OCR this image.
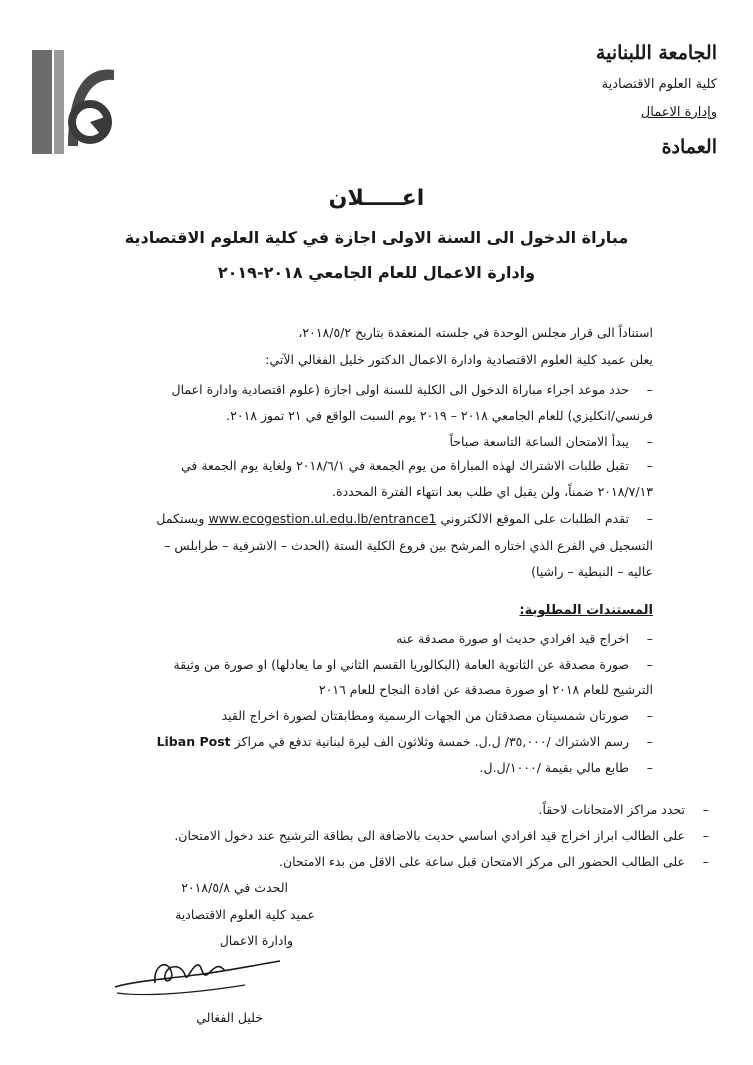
الجامعة اللبنانية
كلية العلوم الاقتصادية
وإدارة الاعمال
العمادة
اعـــــلان
مباراة الدخول الى السنة الاولى اجازة في كلية العلوم الاقتصادية
وادارة الاعمال للعام الجامعي ٢٠١٨-٢٠١٩
استناداً الى قرار مجلس الوحدة في جلسته المنعقدة بتاريخ ٢٠١٨/٥/٢،
يعلن عميد كلية العلوم الاقتصادية وادارة الاعمال الدكتور خليل الفغالي الآتي:
–
حدد موعد اجراء مباراة الدخول الى الكلية للسنة اولى اجازة (علوم اقتصادية وادارة اعمال
فرنسي/انكليزي) للعام الجامعي ٢٠١٨ – ٢٠١٩ يوم السبت الواقع في ٢١ تموز ٢٠١٨.
–
يبدأ الامتحان الساعة التاسعة صباحاً
–
تقبل طلبات الاشتراك لهذه المباراة من يوم الجمعة في ٢٠١٨/٦/١ ولغاية يوم الجمعة في
٢٠١٨/٧/١٣ ضمناً، ولن يقبل اي طلب بعد انتهاء الفترة المحددة.
–
تقدم الطلبات على الموقع الالكتروني www.ecogestion.ul.edu.lb/entrance1 ويستكمل
التسجيل في الفرع الذي اختاره المرشح بين فروع الكلية الستة (الحدث – الاشرفية – طرابلس –
عاليه – النبطية – راشيا)
المستندات المطلوبة:
–
اخراج قيد افرادي حديث او صورة مصدقة عنه
–
صورة مصدقة عن الثانوية العامة (البكالوريا القسم الثاني او ما يعادلها) او صورة من وثيقة
الترشيح للعام ٢٠١٨ او صورة مصدقة عن افادة النجاح للعام ٢٠١٦
–
صورتان شمسيتان مصدقتان من الجهات الرسمية ومطابقتان لصورة اخراج القيد
–
رسم الاشتراك /٣٥,٠٠٠/ ل.ل. خمسة وثلاثون الف ليرة لبنانية تدفع في مراكز Liban Post
–
طابع مالي بقيمة /١٠٠٠/ل.ل.
–
تحدد مراكز الامتحانات لاحقاً.
–
على الطالب ابراز اخراج قيد افرادي اساسي حديث بالاضافة الى بطاقة الترشيح عند دخول الامتحان.
–
على الطالب الحضور الى مركز الامتحان قبل ساعة على الاقل من بدء الامتحان.
الحدث في ٢٠١٨/٥/٨
عميد كلية العلوم الاقتصادية
وادارة الاعمال
خليل الفغالي
